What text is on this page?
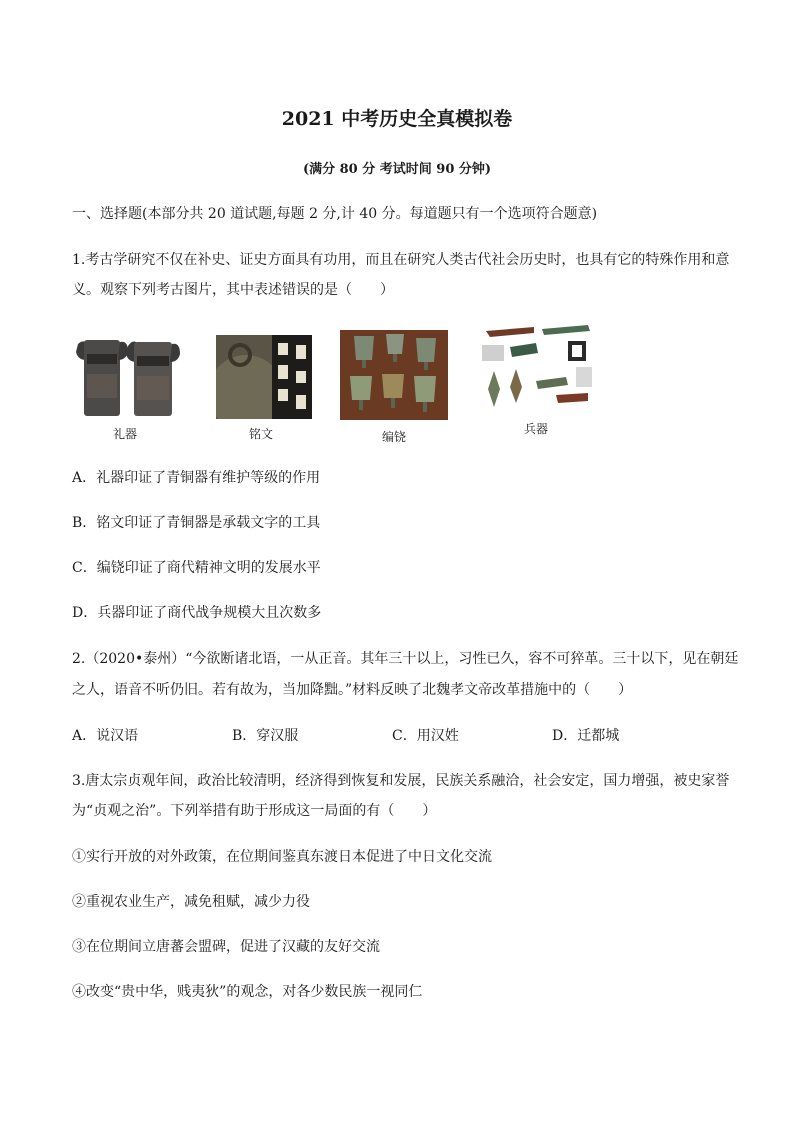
2021 中考历史全真模拟卷
(满分 80 分 考试时间 90 分钟)
一、选择题(本部分共 20 道试题,每题 2 分,计 40 分。每道题只有一个选项符合题意)
1.考古学研究不仅在补史、证史方面具有功用，而且在研究人类古代社会历史时，也具有它的特殊作用和意
义。观察下列考古图片，其中表述错误的是（　　）
礼器	铭文	编铙
兵器
A．礼器印证了青铜器有维护等级的作用
B．铭文印证了青铜器是承载文字的工具
C．编铙印证了商代精神文明的发展水平
D．兵器印证了商代战争规模大且次数多
2.（2020•泰州）“今欲断诸北语，一从正音。其年三十以上，习性已久，容不可猝革。三十以下，见在朝廷
之人，语音不听仍旧。若有故为，当加降黜。”材料反映了北魏孝文帝改革措施中的（　　）
A．说汉语	B．穿汉服	C．用汉姓	D．迁都城
3.唐太宗贞观年间，政治比较清明，经济得到恢复和发展，民族关系融洽，社会安定，国力增强，被史家誉
为“贞观之治”。下列举措有助于形成这一局面的有（　　）
①实行开放的对外政策，在位期间鉴真东渡日本促进了中日文化交流
②重视农业生产，减免租赋，减少力役
③在位期间立唐蕃会盟碑，促进了汉藏的友好交流
④改变“贵中华，贱夷狄”的观念，对各少数民族一视同仁
